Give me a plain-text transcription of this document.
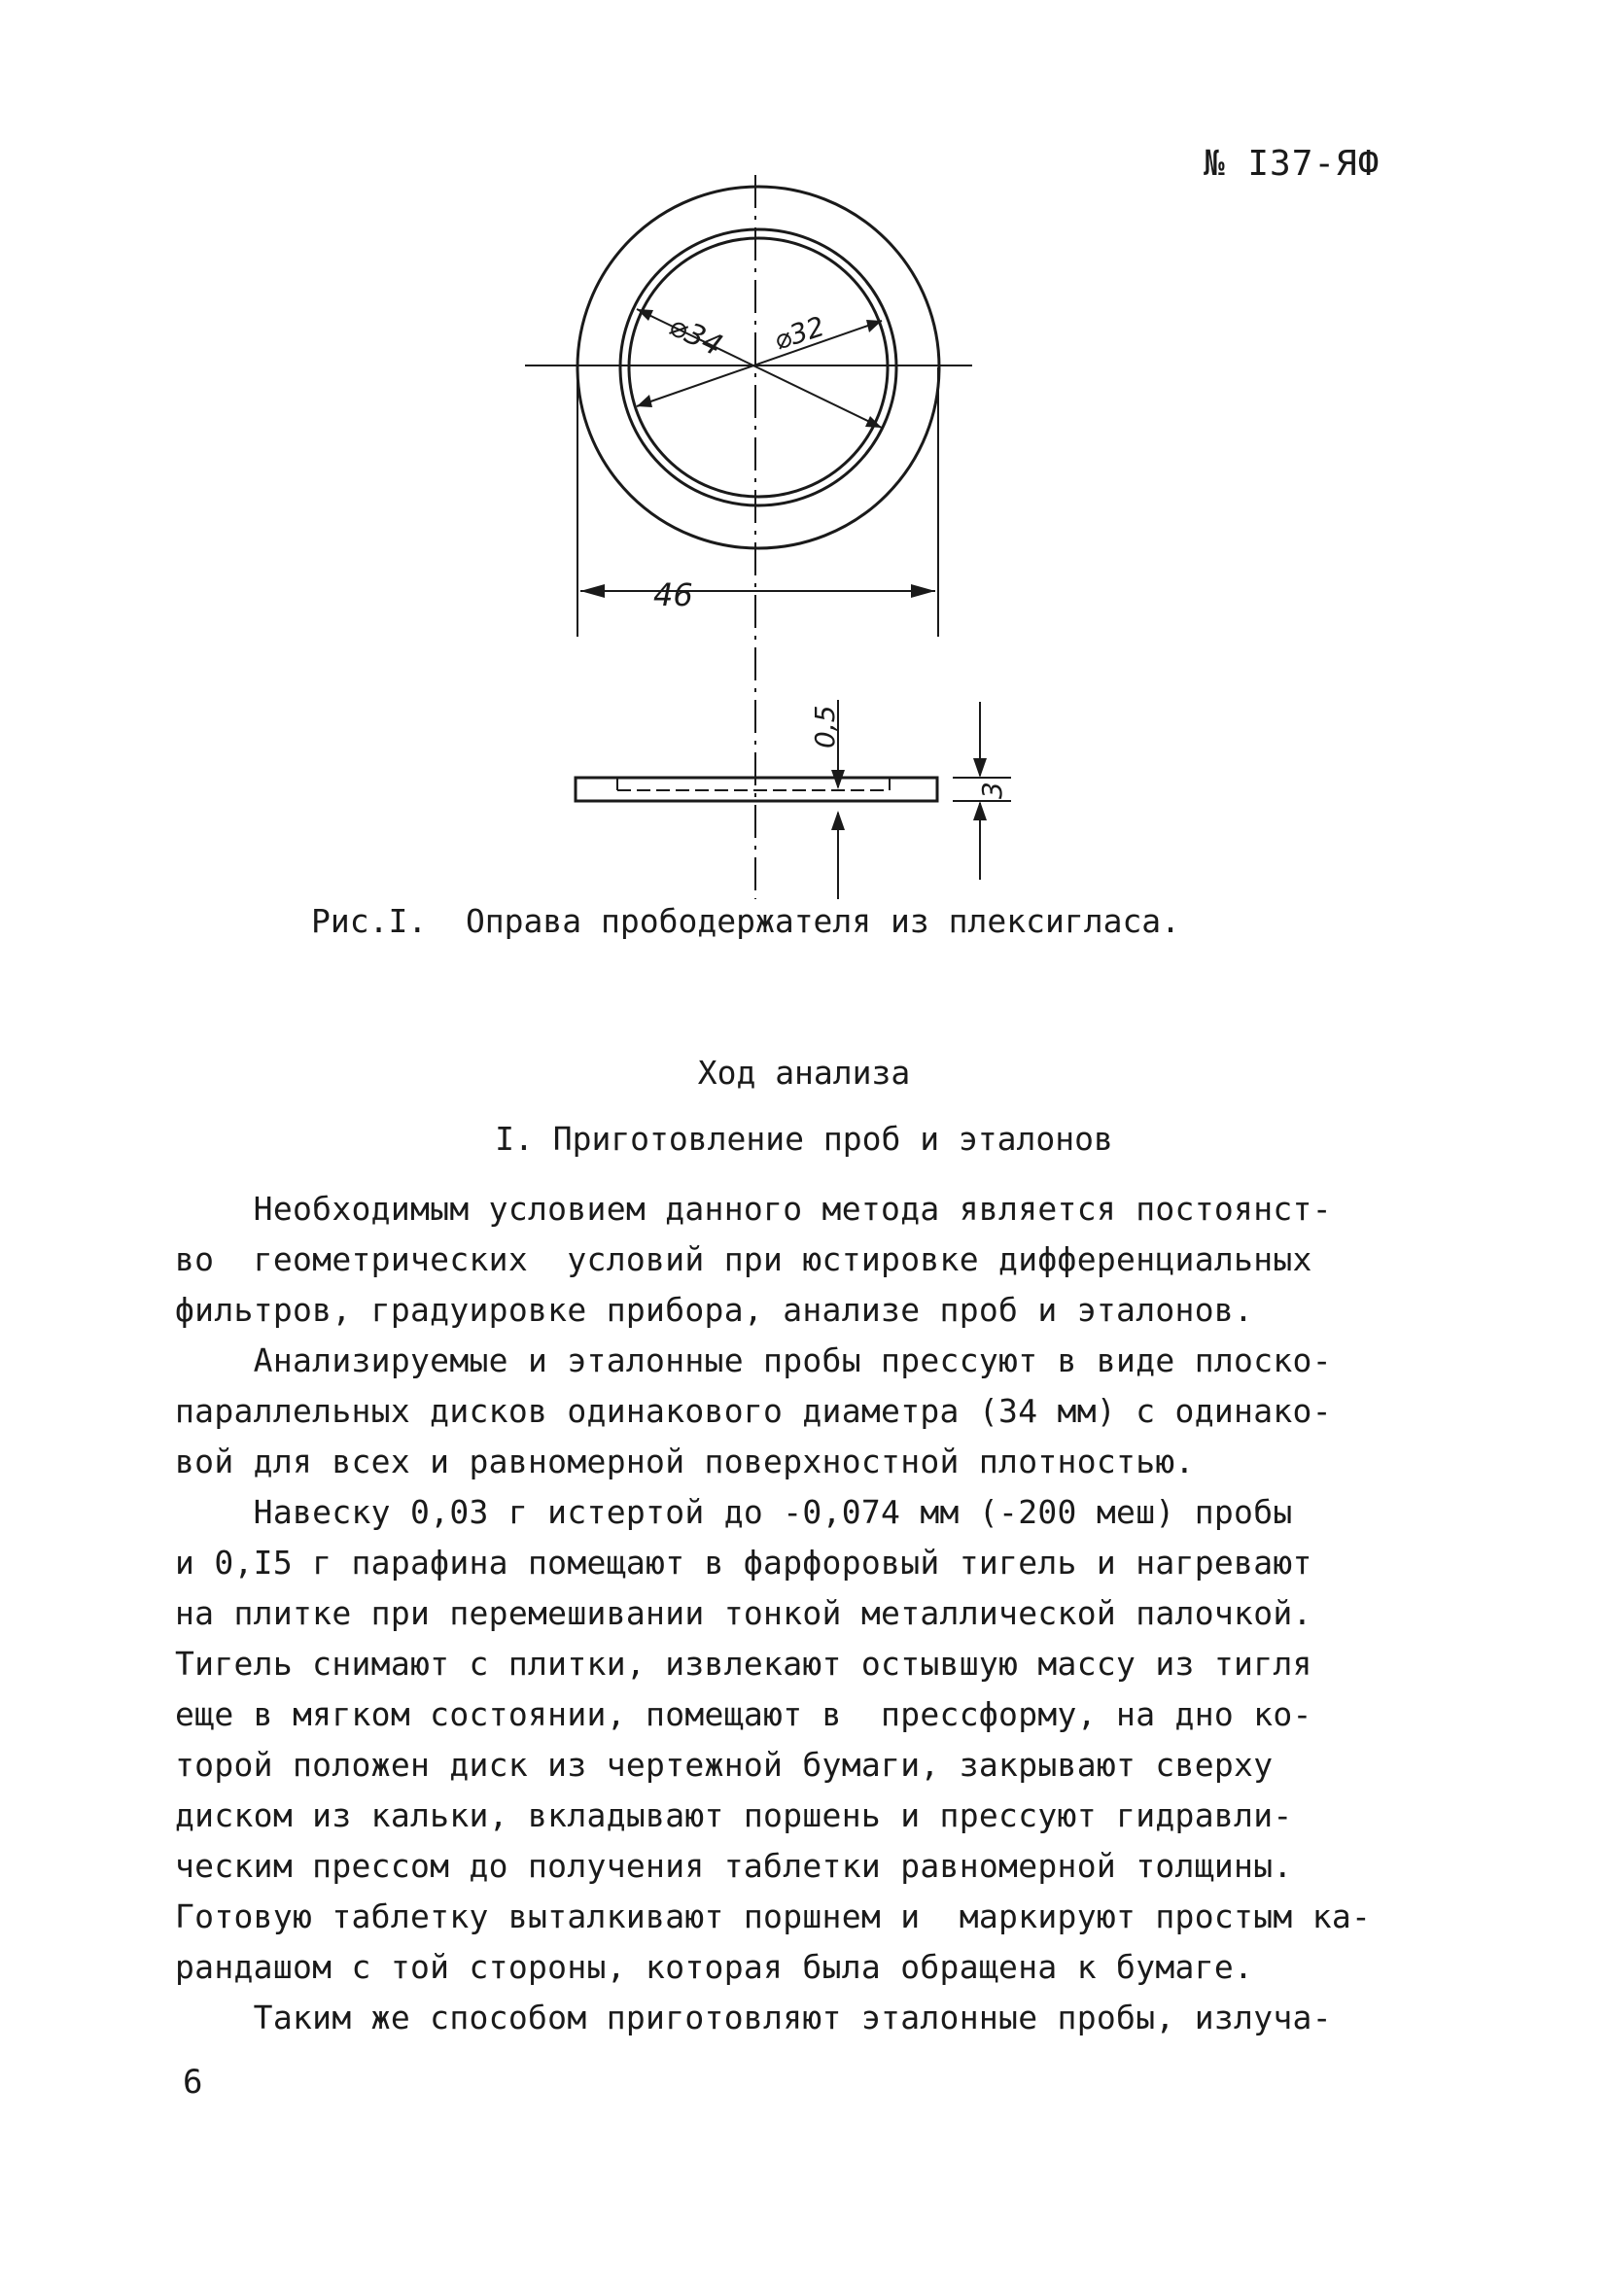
№ I37-ЯФ
⌀34 ⌀32
46
0,5
3
Рис.I.  Оправа прободержателя из плексигласа.
Ход анализа
I. Приготовление проб и эталонов
Необходимым условием данного метода является постоянст-
во  геометрических  условий при юстировке дифференциальных
фильтров, градуировке прибора, анализе проб и эталонов.
Анализируемые и эталонные пробы прессуют в виде плоско-
параллельных дисков одинакового диаметра (34 мм) с одинако-
вой для всех и равномерной поверхностной плотностью.
Навеску 0,03 г истертой до -0,074 мм (-200 меш) пробы
и 0,I5 г парафина помещают в фарфоровый тигель и нагревают
на плитке при перемешивании тонкой металлической палочкой.
Тигель снимают с плитки, извлекают остывшую массу из тигля
еще в мягком состоянии, помещают в  прессформу, на дно ко-
торой положен диск из чертежной бумаги, закрывают сверху
диском из кальки, вкладывают поршень и прессуют гидравли-
ческим прессом до получения таблетки равномерной толщины.
Готовую таблетку выталкивают поршнем и  маркируют простым ка-
рандашом с той стороны, которая была обращена к бумаге.
Таким же способом приготовляют эталонные пробы, излуча-
6
